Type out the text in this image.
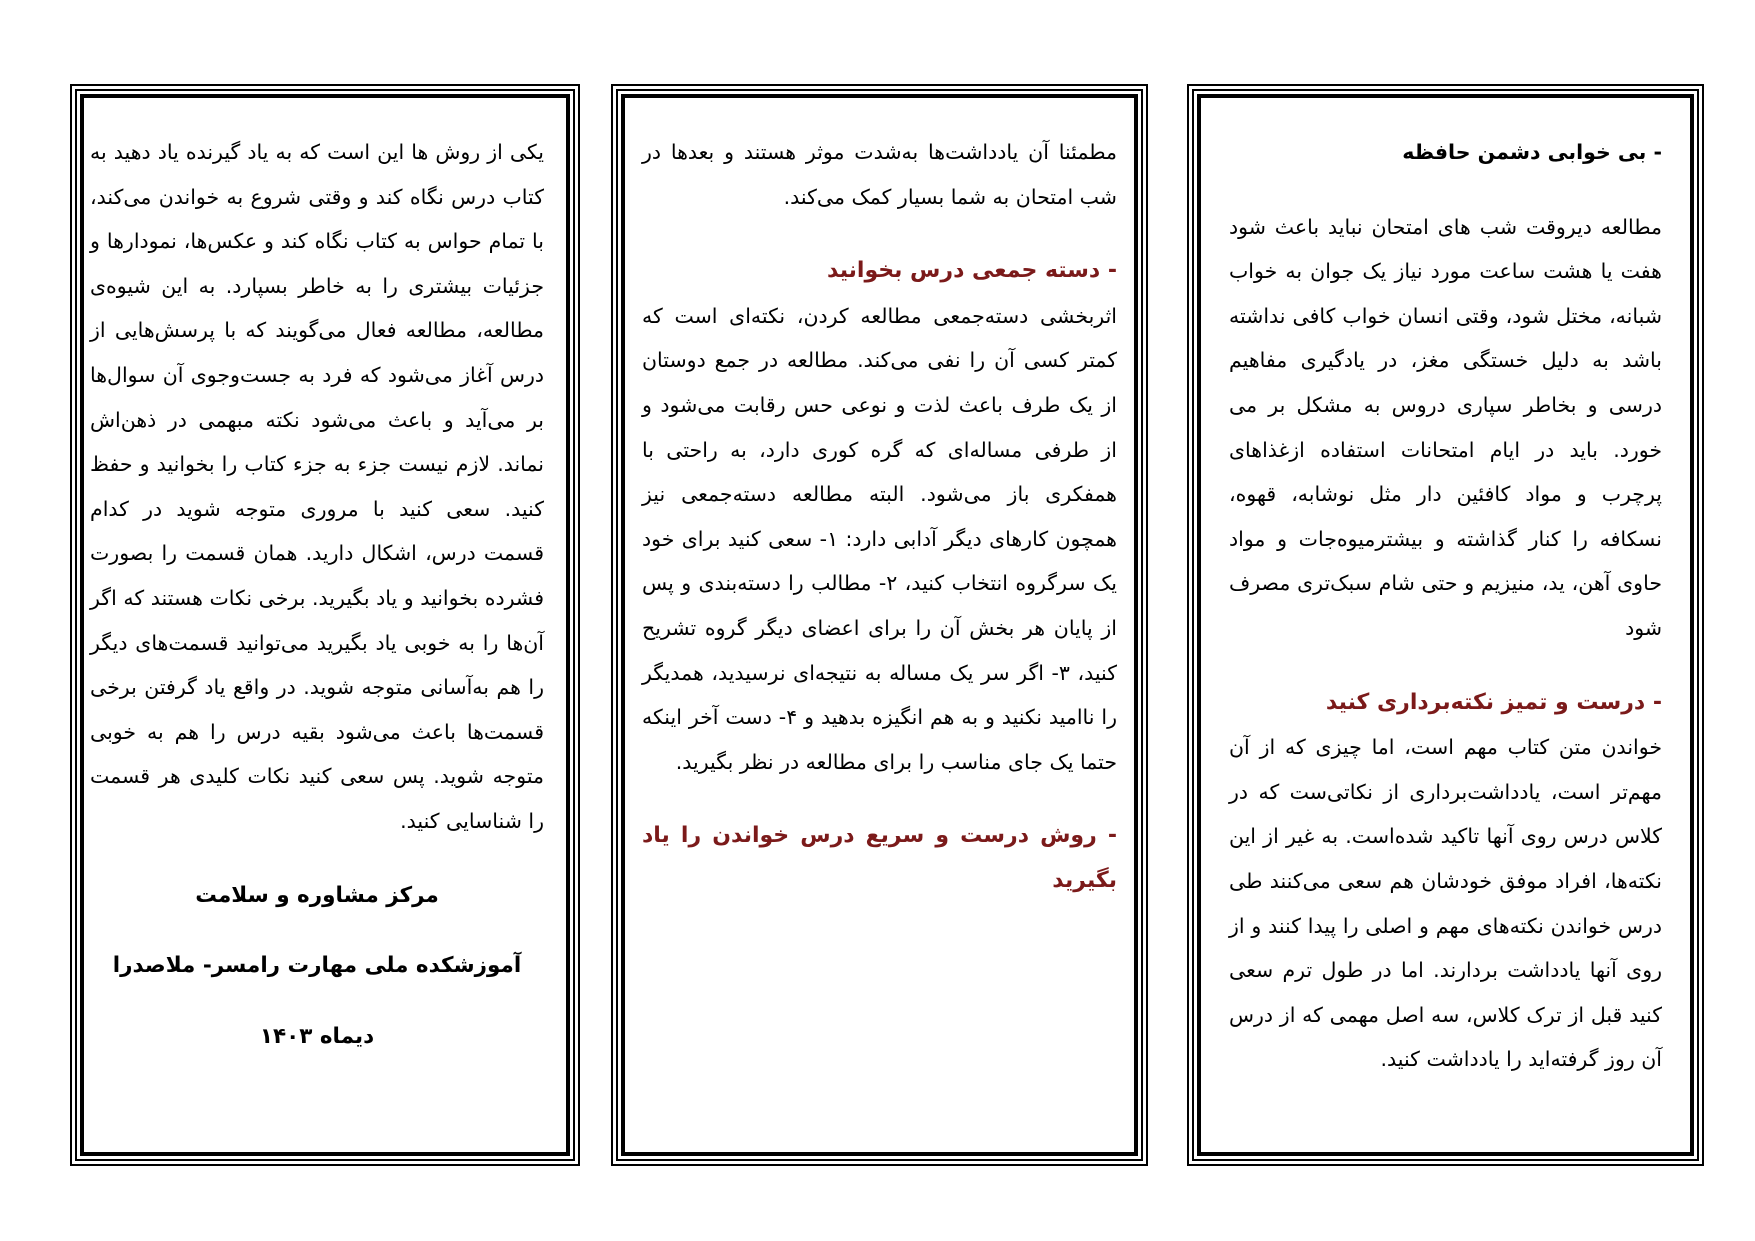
یکی از روش ها این است که به یاد گیرنده یاد دهید به کتاب درس نگاه کند و وقتی شروع به خواندن می‌کند، با تمام حواس به کتاب نگاه کند و عکس‌ها، نمودارها و جزئیات بیشتری را به خاطر بسپارد. به این شیوه‌ی مطالعه، مطالعه فعال می‌گویند که با پرسش‌هایی از درس آغاز می‌شود که فرد به جست‌وجوی آن سوال‌ها بر می‌آید و باعث می‌شود نکته مبهمی در ذهن‌اش نماند. لازم نیست جزء به جزء کتاب را بخوانید و حفظ کنید. سعی کنید با مروری متوجه شوید در کدام قسمت درس، اشکال دارید. همان قسمت را بصورت فشرده بخوانید و یاد بگیرید. برخی نکات هستند که اگر آن‌ها را به خوبی یاد بگیرید می‌توانید قسمت‌های دیگر را هم به‌آسانی متوجه شوید. در واقع یاد گرفتن برخی قسمت‌ها باعث می‌شود بقیه درس را هم به خوبی متوجه شوید. پس سعی کنید نکات کلیدی هر قسمت را شناسایی کنید.

مرکز مشاوره و سلامت

آموزشکده ملی مهارت رامسر- ملاصدرا

دیماه ۱۴۰۳

مطمئنا آن یادداشت‌ها به‌شدت موثر هستند و بعدها در شب امتحان به شما بسیار کمک می‌کند.

- دسته جمعی درس بخوانید

اثربخشی دسته‌جمعی مطالعه کردن، نکته‌ای است که کمتر کسی آن را نفی می‌کند. مطالعه در جمع دوستان از یک طرف باعث لذت و نوعی حس رقابت می‌شود و از طرفی مساله‌ای که گره کوری دارد، به راحتی با همفکری باز می‌شود. البته مطالعه دسته‌جمعی نیز همچون کارهای دیگر آدابی دارد: ۱- سعی کنید برای خود یک سرگروه انتخاب کنید، ۲- مطالب را دسته‌بندی و پس از پایان هر بخش آن را برای اعضای دیگر گروه تشریح کنید، ۳- اگر سر یک مساله به نتیجه‌ای نرسیدید، همدیگر را ناامید نکنید و به هم انگیزه بدهید و ۴- دست آخر اینکه حتما یک جای مناسب را برای مطالعه در نظر بگیرید.

- روش درست و سریع درس خواندن را یاد بگیرید

- بی خوابی دشمن حافظه

مطالعه دیروقت شب های امتحان نباید باعث شود هفت یا هشت ساعت مورد نیاز یک جوان به خواب شبانه، مختل شود، وقتی انسان خواب کافی نداشته باشد به دلیل خستگی مغز، در یادگیری مفاهیم درسی و بخاطر سپاری دروس به مشکل بر می خورد. باید در ایام امتحانات استفاده ازغذاهای پرچرب و مواد کافئین دار مثل نوشابه، قهوه، نسکافه را کنار گذاشته و بیشترمیوه‌جات و مواد حاوی آهن، ید، منیزیم و حتی شام سبک‌تری مصرف شود

- درست و تمیز نکته‌برداری کنید

خواندن متن کتاب مهم است، اما چیزی که از آن مهم‌تر است، یادداشت‌برداری از نکاتی‌ست که در کلاس درس روی آنها تاکید شده‌است. به غیر از این نکته‌ها، افراد موفق خودشان هم سعی می‌کنند طی درس خواندن نکته‌های مهم و اصلی را پیدا کنند و از روی آنها یادداشت بردارند. اما در طول ترم سعی کنید قبل از ترک کلاس، سه اصل مهمی که از درس آن روز گرفته‌اید را یادداشت کنید.
